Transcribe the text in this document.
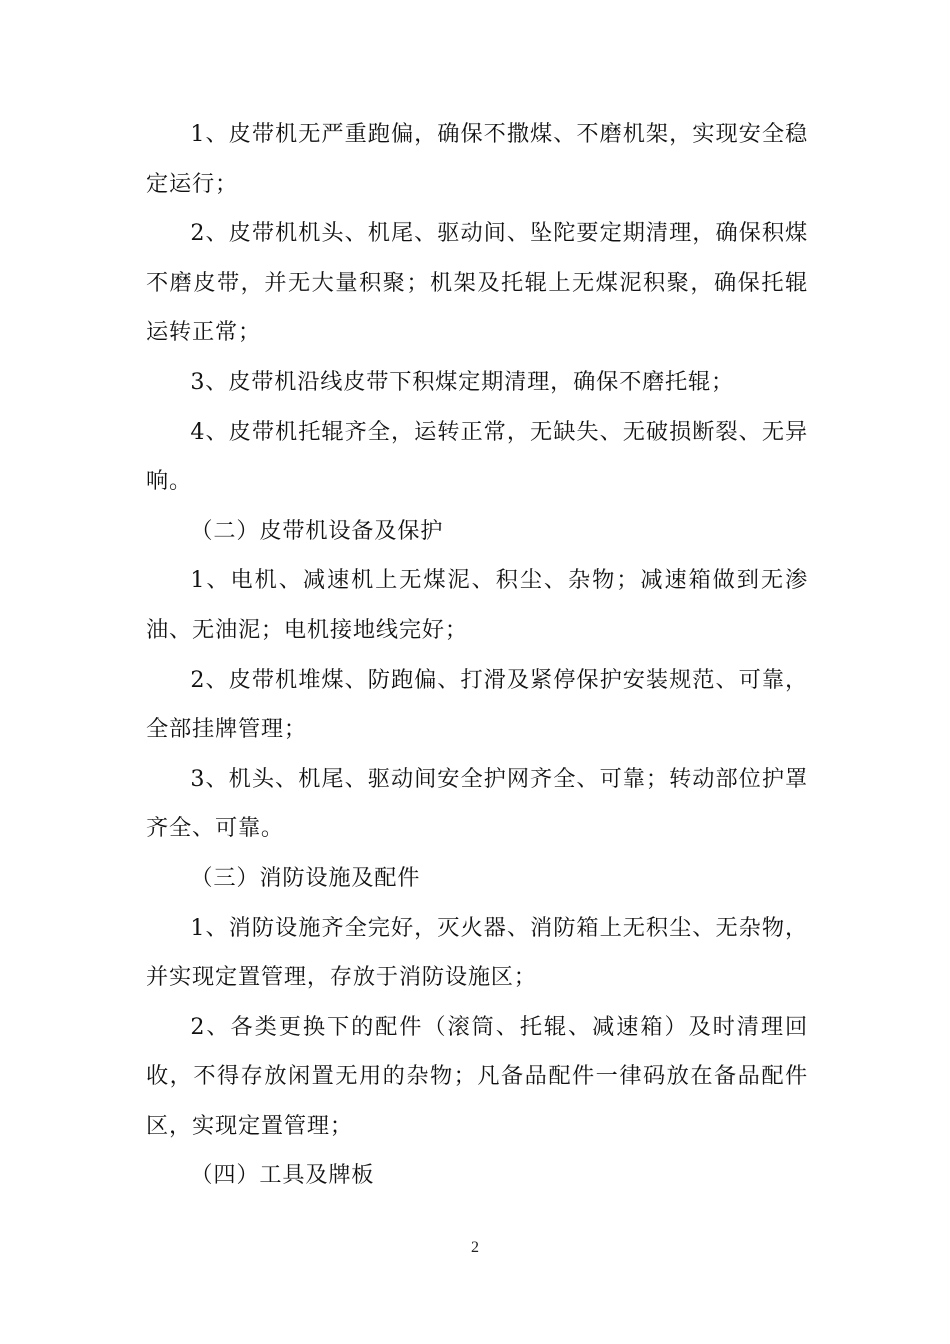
1、皮带机无严重跑偏，确保不撒煤、不磨机架，实现安全稳定运行；

2、皮带机机头、机尾、驱动间、坠陀要定期清理，确保积煤不磨皮带，并无大量积聚；机架及托辊上无煤泥积聚，确保托辊运转正常；

3、皮带机沿线皮带下积煤定期清理，确保不磨托辊；

4、皮带机托辊齐全，运转正常，无缺失、无破损断裂、无异响。

（二）皮带机设备及保护

1、电机、减速机上无煤泥、积尘、杂物；减速箱做到无渗油、无油泥；电机接地线完好；

2、皮带机堆煤、防跑偏、打滑及紧停保护安装规范、可靠，全部挂牌管理；

3、机头、机尾、驱动间安全护网齐全、可靠；转动部位护罩齐全、可靠。

（三）消防设施及配件

1、消防设施齐全完好，灭火器、消防箱上无积尘、无杂物，并实现定置管理，存放于消防设施区；

2、各类更换下的配件（滚筒、托辊、减速箱）及时清理回收，不得存放闲置无用的杂物；凡备品配件一律码放在备品配件区，实现定置管理；

（四）工具及牌板

2
